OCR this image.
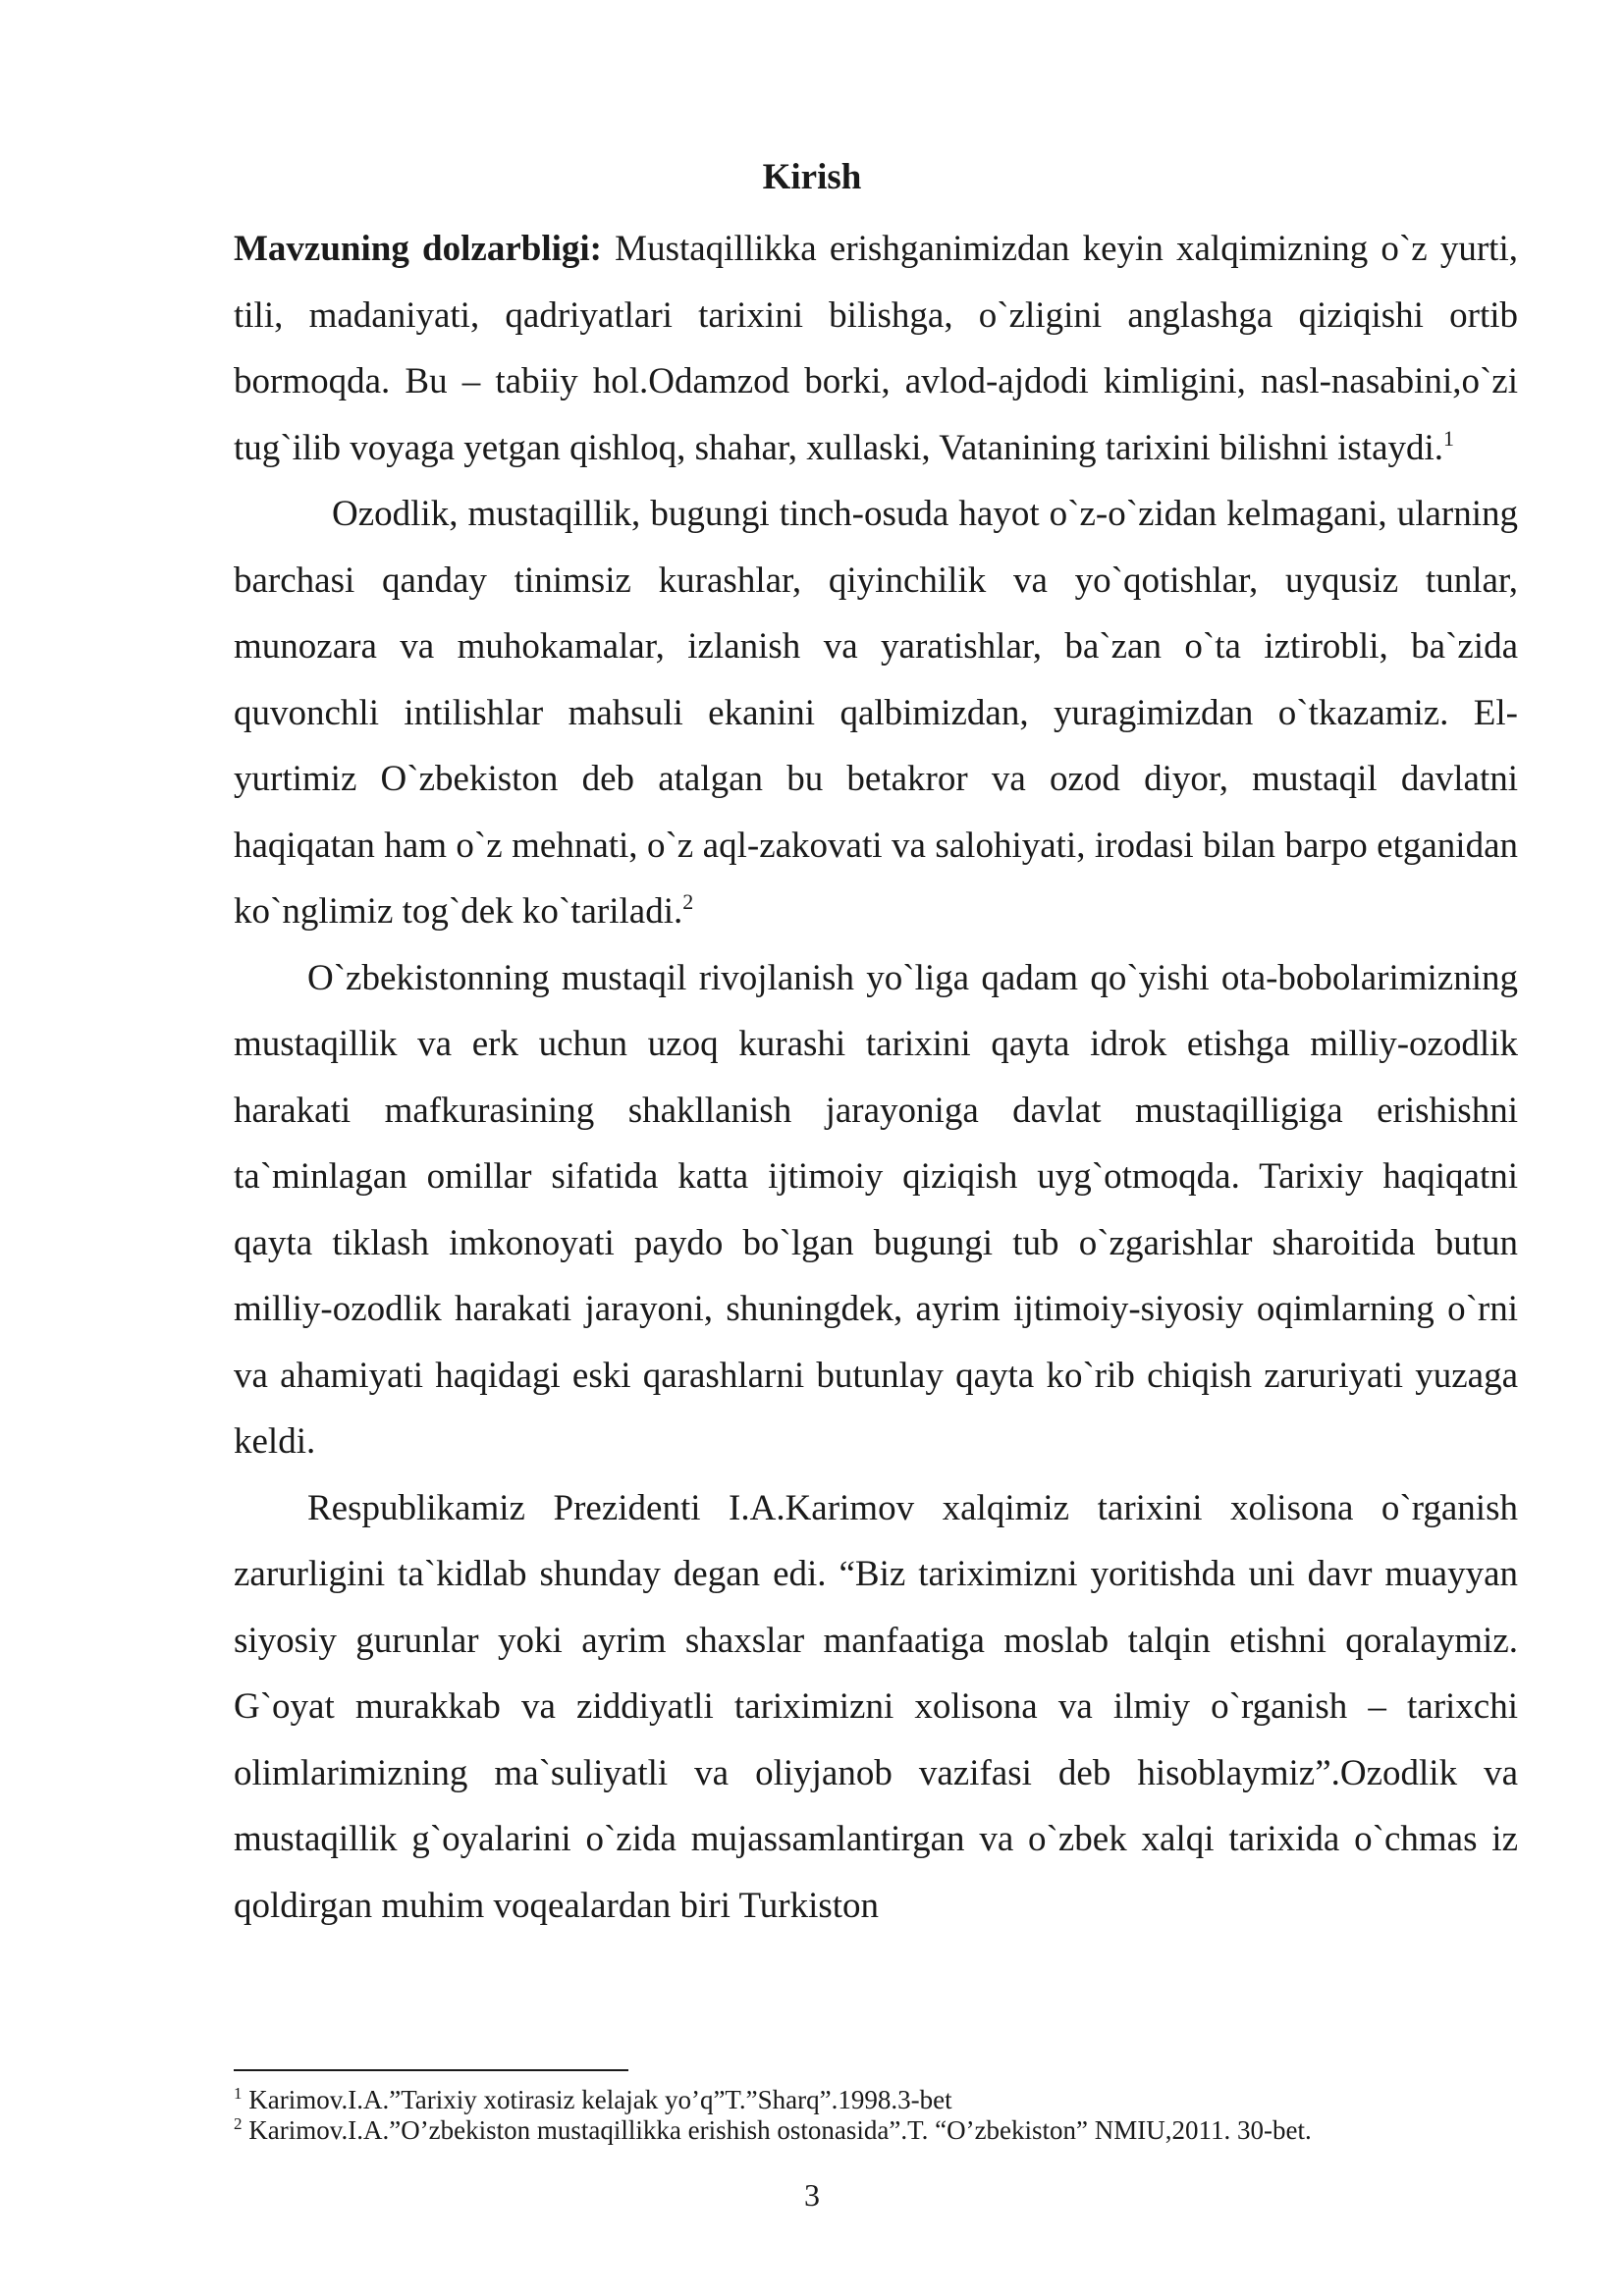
Kirish

Mavzuning dolzarbligi: Mustaqillikka erishganimizdan keyin xalqimizning o`z yurti, tili, madaniyati, qadriyatlari tarixini bilishga, o`zligini anglashga qiziqishi ortib bormoqda. Bu – tabiiy hol.Odamzod borki, avlod-ajdodi kimligini, nasl-nasabini,o`zi tug`ilib voyaga yetgan qishloq, shahar, xullaski, Vatanining tarixini bilishni istaydi.$^1$

Ozodlik, mustaqillik, bugungi tinch-osuda hayot o`z-o`zidan kelmagani, ularning barchasi qanday tinimsiz kurashlar, qiyinchilik va yo`qotishlar, uyqusiz tunlar, munozara va muhokamalar, izlanish va yaratishlar, ba`zan o`ta iztirobli, ba`zida quvonchli intilishlar mahsuli ekanini qalbimizdan, yuragimizdan o`tkazamiz. El-yurtimiz O`zbekiston deb atalgan bu betakror va ozod diyor, mustaqil davlatni haqiqatan ham o`z mehnati, o`z aql-zakovati va salohiyati, irodasi bilan barpo etganidan ko`nglimiz tog`dek ko`tariladi.$^2$

O`zbekistonning mustaqil rivojlanish yo`liga qadam qo`yishi ota-bobolarimizning mustaqillik va erk uchun uzoq kurashi tarixini qayta idrok etishga milliy-ozodlik harakati mafkurasining shakllanish jarayoniga davlat mustaqilligiga erishishni ta`minlagan omillar sifatida katta ijtimoiy qiziqish uyg`otmoqda. Tarixiy haqiqatni qayta tiklash imkonoyati paydo bo`lgan bugungi tub o`zgarishlar sharoitida butun milliy-ozodlik harakati jarayoni, shuningdek, ayrim ijtimoiy-siyosiy oqimlarning o`rni va ahamiyati haqidagi eski qarashlarni butunlay qayta ko`rib chiqish zaruriyati yuzaga keldi.

Respublikamiz Prezidenti I.A.Karimov xalqimiz tarixini xolisona o`rganish zarurligini ta`kidlab shunday degan edi. “Biz tariximizni yoritishda uni davr muayyan siyosiy gurunlar yoki ayrim shaxslar manfaatiga moslab talqin etishni qoralaymiz. G`oyat murakkab va ziddiyatli tariximizni xolisona va ilmiy o`rganish – tarixchi olimlarimizning ma`suliyatli va oliyjanob vazifasi deb hisoblaymiz”.Ozodlik va mustaqillik g`oyalarini o`zida mujassamlantirgan va o`zbek xalqi tarixida o`chmas iz qoldirgan muhim voqealardan biri Turkiston

$^1$ Karimov.I.A.”Tarixiy xotirasiz kelajak yo’q”T.”Sharq”.1998.3-bet
$^2$ Karimov.I.A.”O’zbekiston mustaqillikka erishish ostonasida”.T. “O’zbekiston” NMIU,2011. 30-bet.
3
